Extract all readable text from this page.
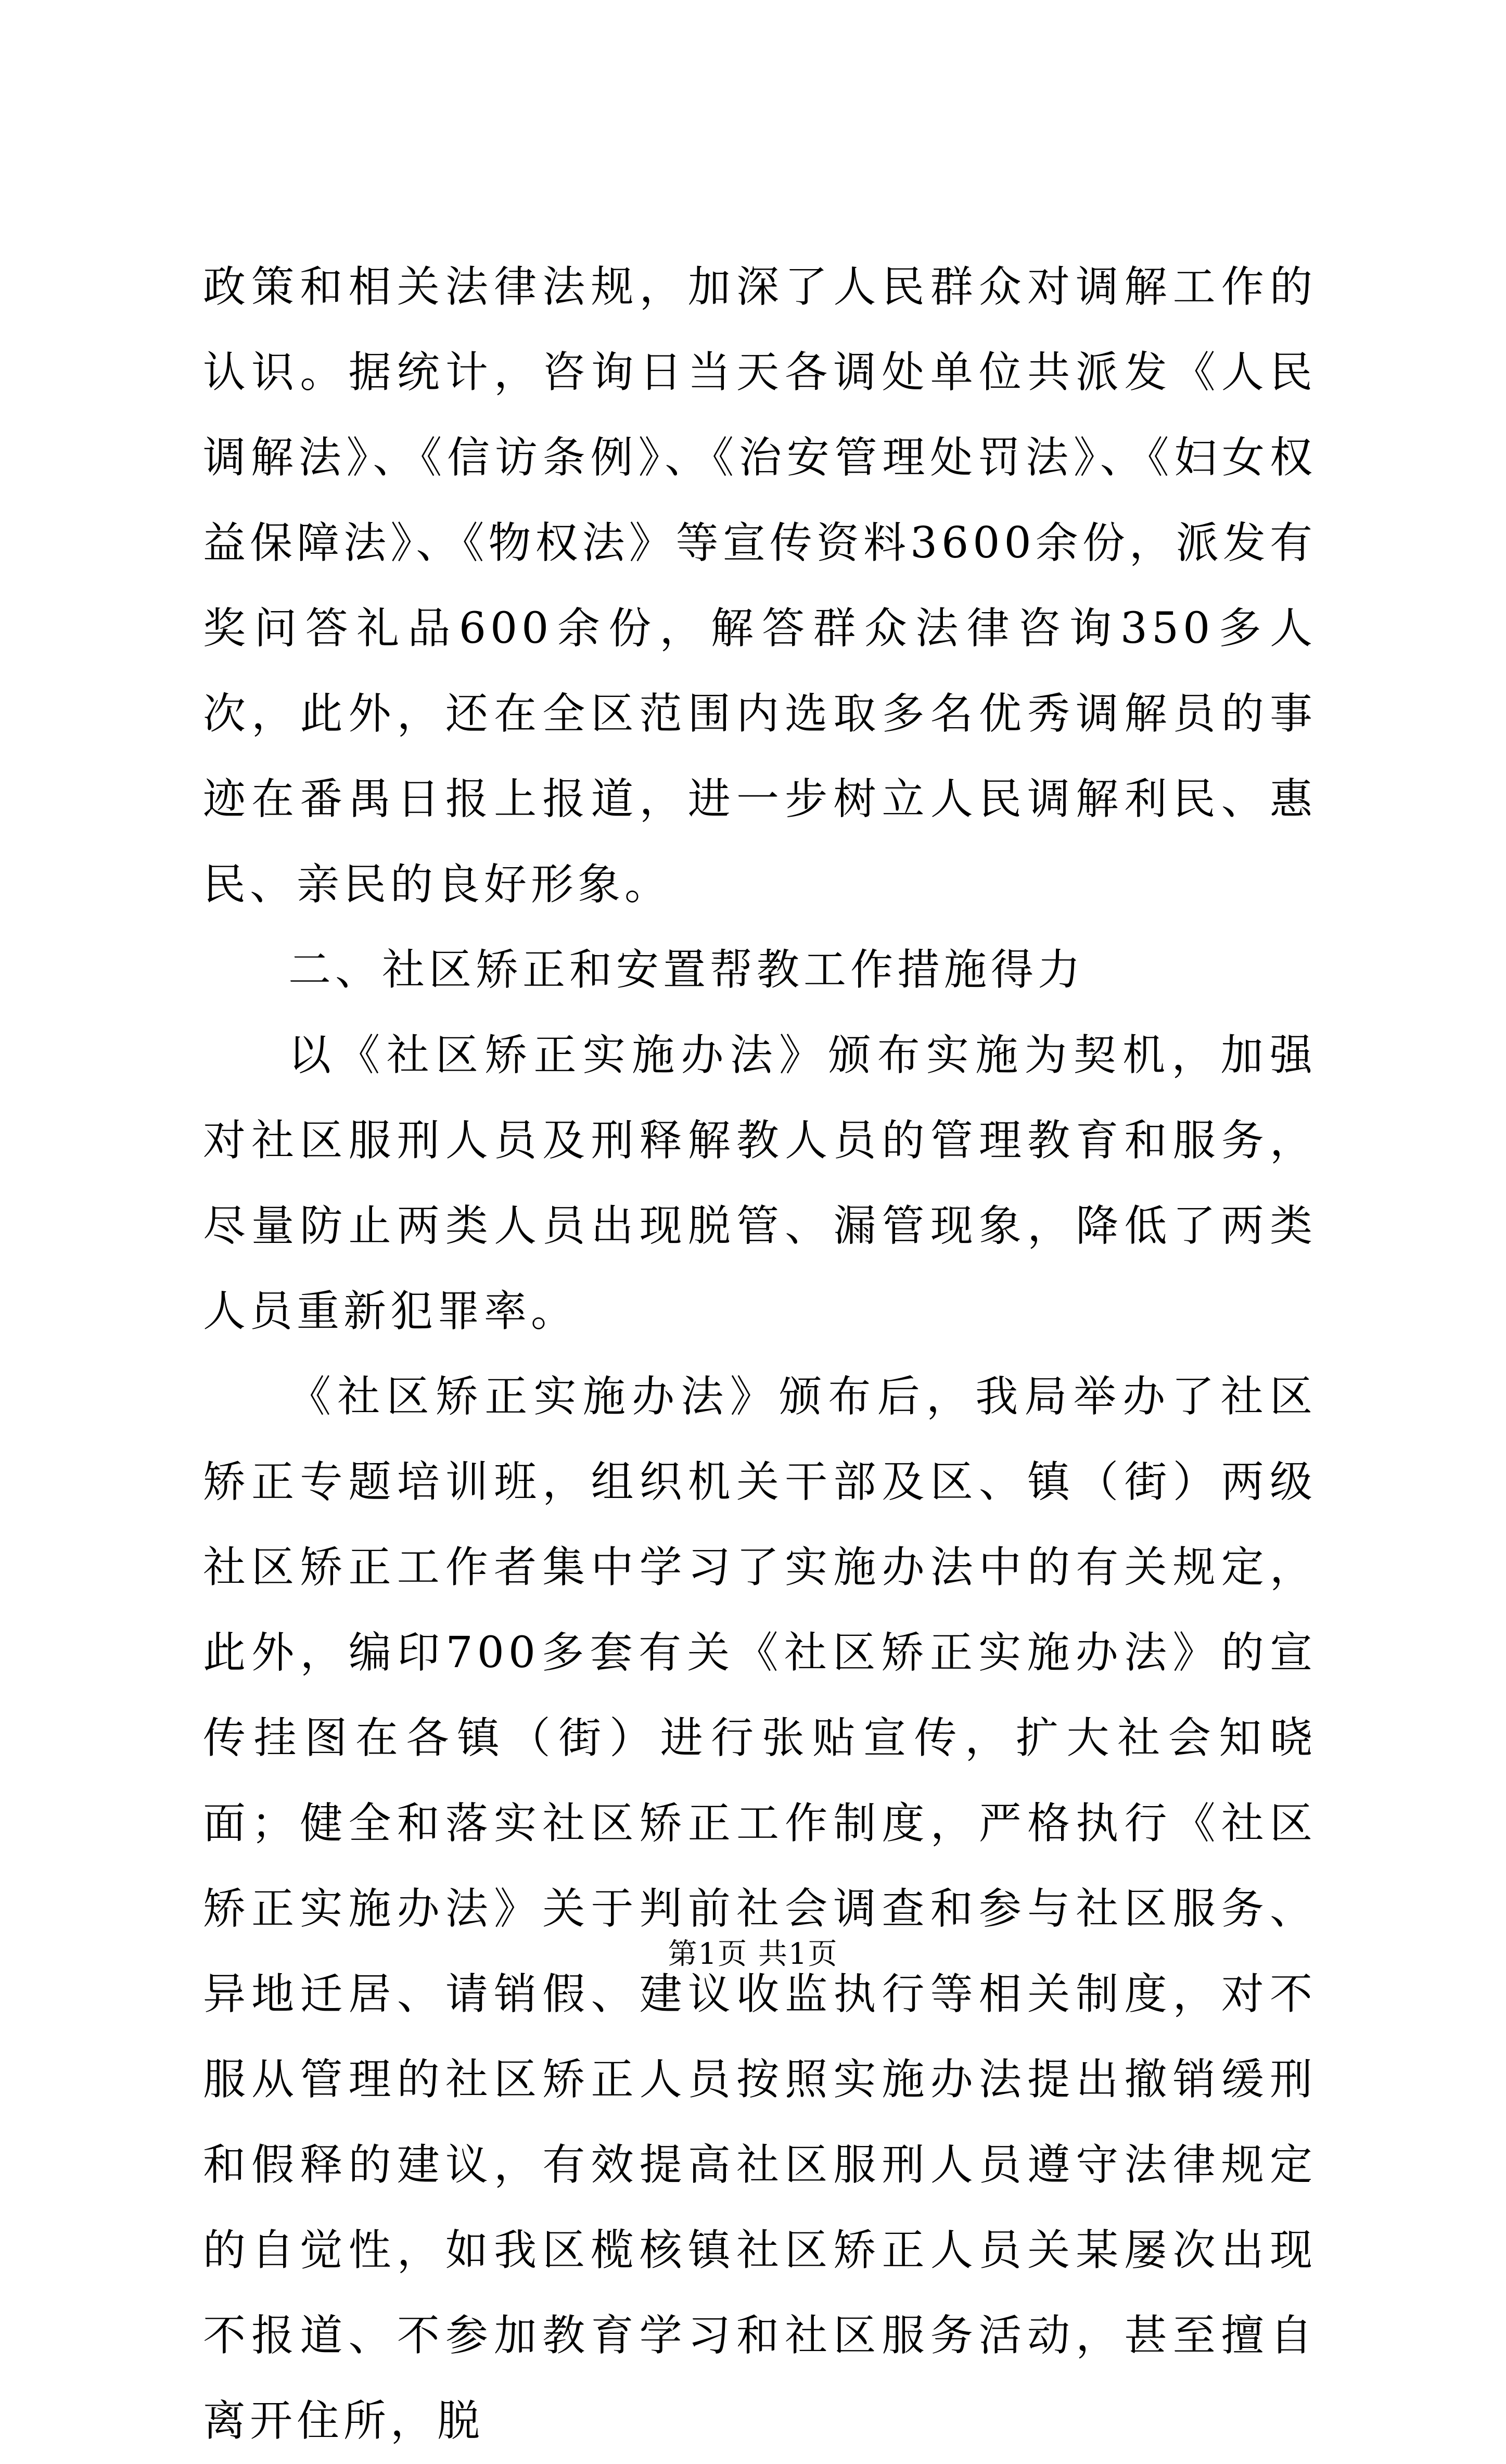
政策和相关法律法规，加深了人民群众对调解工作的认识。据统计，咨询日当天各调处单位共派发《人民调解法》、《信访条例》、《治安管理处罚法》、《妇女权益保障法》、《物权法》等宣传资料3600余份，派发有奖问答礼品600余份，解答群众法律咨询350多人次，此外，还在全区范围内选取多名优秀调解员的事迹在番禺日报上报道，进一步树立人民调解利民、惠民、亲民的良好形象。

二、社区矫正和安置帮教工作措施得力

以《社区矫正实施办法》颁布实施为契机，加强对社区服刑人员及刑释解教人员的管理教育和服务，尽量防止两类人员出现脱管、漏管现象，降低了两类人员重新犯罪率。

《社区矫正实施办法》颁布后，我局举办了社区矫正专题培训班，组织机关干部及区、镇（街）两级社区矫正工作者集中学习了实施办法中的有关规定，此外，编印700多套有关《社区矫正实施办法》的宣传挂图在各镇（街）进行张贴宣传，扩大社会知晓面；健全和落实社区矫正工作制度，严格执行《社区矫正实施办法》关于判前社会调查和参与社区服务、异地迁居、请销假、建议收监执行等相关制度，对不服从管理的社区矫正人员按照实施办法提出撤销缓刑和假释的建议，有效提高社区服刑人员遵守法律规定的自觉性，如我区榄核镇社区矫正人员关某屡次出现不报道、不参加教育学习和社区服务活动，甚至擅自离开住所，脱

第1页 共1页
